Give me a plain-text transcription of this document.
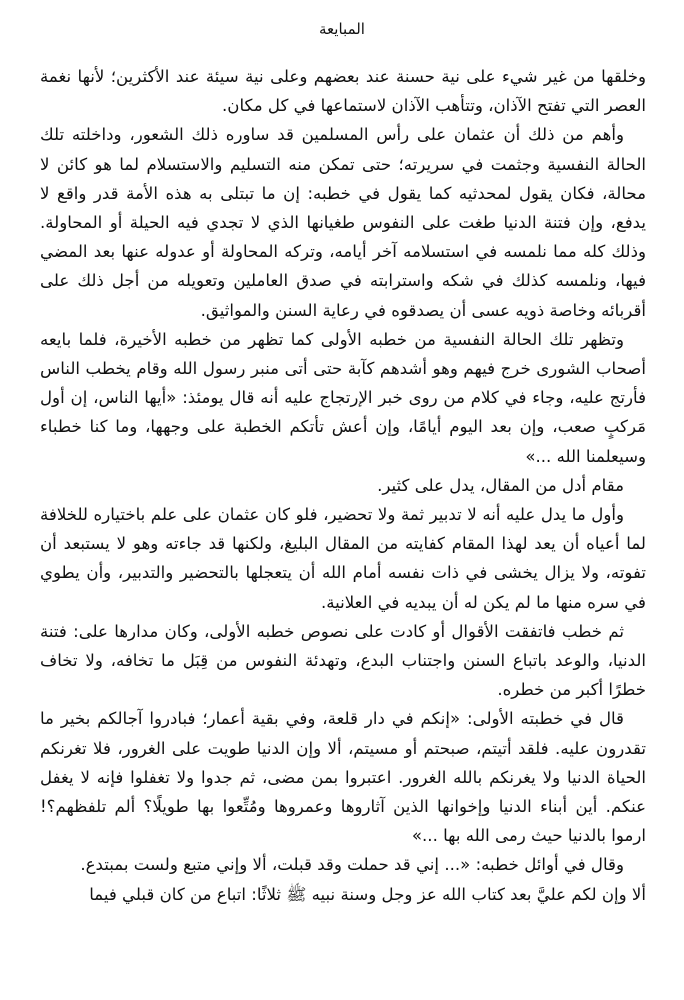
المبايعة

وخلقها من غير شيء على نية حسنة عند بعضهم وعلى نية سيئة عند الأكثرين؛ لأنها نغمة العصر التي تفتح الآذان، وتتأهب الآذان لاستماعها في كل مكان.

وأهم من ذلك أن عثمان على رأس المسلمين قد ساوره ذلك الشعور، وداخلته تلك الحالة النفسية وجثمت في سريرته؛ حتى تمكن منه التسليم والاستسلام لما هو كائن لا محالة، فكان يقول لمحدثيه كما يقول في خطبه: إن ما تبتلى به هذه الأمة قدر واقع لا يدفع، وإن فتنة الدنيا طغت على النفوس طغيانها الذي لا تجدي فيه الحيلة أو المحاولة. وذلك كله مما نلمسه في استسلامه آخر أيامه، وتركه المحاولة أو عدوله عنها بعد المضي فيها، ونلمسه كذلك في شكه واسترابته في صدق العاملين وتعويله من أجل ذلك على أقربائه وخاصة ذويه عسى أن يصدقوه في رعاية السنن والمواثيق.

وتظهر تلك الحالة النفسية من خطبه الأولى كما تظهر من خطبه الأخيرة، فلما بايعه أصحاب الشورى خرج فيهم وهو أشدهم كآبة حتى أتى منبر رسول الله وقام يخطب الناس فأرتج عليه، وجاء في كلام من روى خبر الإرتجاج عليه أنه قال يومئذ: «أيها الناس، إن أول مَركبٍ صعب، وإن بعد اليوم أيامًا، وإن أعش تأتكم الخطبة على وجهها، وما كنا خطباء وسيعلمنا الله ...»

مقام أدل من المقال، يدل على كثير.

وأول ما يدل عليه أنه لا تدبير ثمة ولا تحضير، فلو كان عثمان على علم باختياره للخلافة لما أعياه أن يعد لهذا المقام كفايته من المقال البليغ، ولكنها قد جاءته وهو لا يستبعد أن تفوته، ولا يزال يخشى في ذات نفسه أمام الله أن يتعجلها بالتحضير والتدبير، وأن يطوي في سره منها ما لم يكن له أن يبديه في العلانية.

ثم خطب فاتفقت الأقوال أو كادت على نصوص خطبه الأولى، وكان مدارها على: فتنة الدنيا، والوعد باتباع السنن واجتناب البدع، وتهدئة النفوس من قِبَل ما تخافه، ولا تخاف خطرًا أكبر من خطره.

قال في خطبته الأولى: «إنكم في دار قلعة، وفي بقية أعمار؛ فبادروا آجالكم بخير ما تقدرون عليه. فلقد أتيتم، صبحتم أو مسيتم، ألا وإن الدنيا طويت على الغرور، فلا تغرنكم الحياة الدنيا ولا يغرنكم بالله الغرور. اعتبروا بمن مضى، ثم جدوا ولا تغفلوا فإنه لا يغفل عنكم. أين أبناء الدنيا وإخوانها الذين آثاروها وعمروها ومُتِّعوا بها طويلًا؟ ألم تلفظهم؟! ارموا بالدنيا حيث رمى الله بها ...»

وقال في أوائل خطبه: «... إني قد حملت وقد قبلت، ألا وإني متبع ولست بمبتدع.

ألا وإن لكم عليَّ بعد كتاب الله عز وجل وسنة نبيه ﷺ ثلاثًا: اتباع من كان قبلي فيما
